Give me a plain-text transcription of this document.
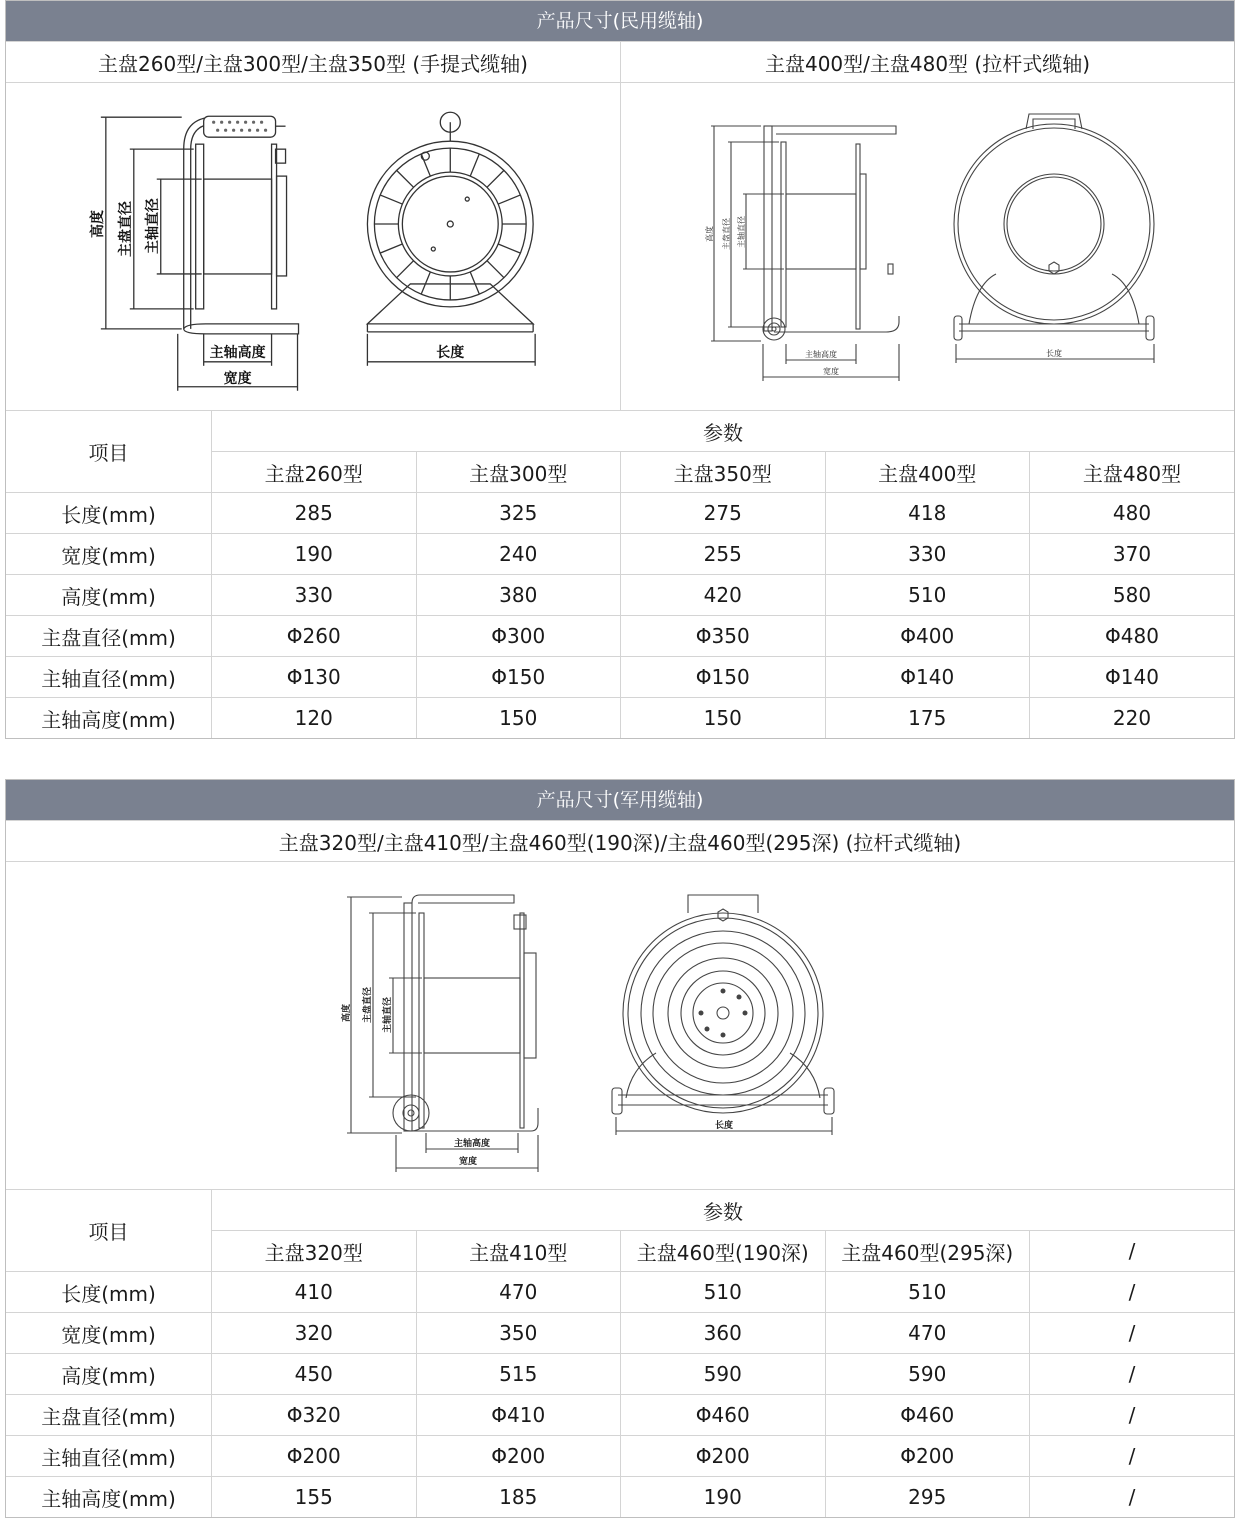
产品尺寸(民用缆轴)
主盘260型/主盘300型/主盘350型 (手提式缆轴)	主盘400型/主盘480型 (拉杆式缆轴)
高度 主盘直径 主轴直径
主轴高度
宽度
长度
高度 主盘直径 主轴直径
主轴高度
宽度
长度
项目	参数				
	主盘260型	主盘300型	主盘350型	主盘400型	主盘480型
长度(mm)	285	325	275	418	480
宽度(mm)	190	240	255	330	370
高度(mm)	330	380	420	510	580
主盘直径(mm)	Φ260	Φ300	Φ350	Φ400	Φ480
主轴直径(mm)	Φ130	Φ150	Φ150	Φ140	Φ140
主轴高度(mm)	120	150	150	175	220
产品尺寸(军用缆轴)
主盘320型/主盘410型/主盘460型(190深)/主盘460型(295深) (拉杆式缆轴)
高度 主盘直径 主轴直径
主轴高度
宽度
长度
项目	参数				
	主盘320型	主盘410型	主盘460型(190深)	主盘460型(295深)	/
长度(mm)	410	470	510	510	/
宽度(mm)	320	350	360	470	/
高度(mm)	450	515	590	590	/
主盘直径(mm)	Φ320	Φ410	Φ460	Φ460	/
主轴直径(mm)	Φ200	Φ200	Φ200	Φ200	/
主轴高度(mm)	155	185	190	295	/
